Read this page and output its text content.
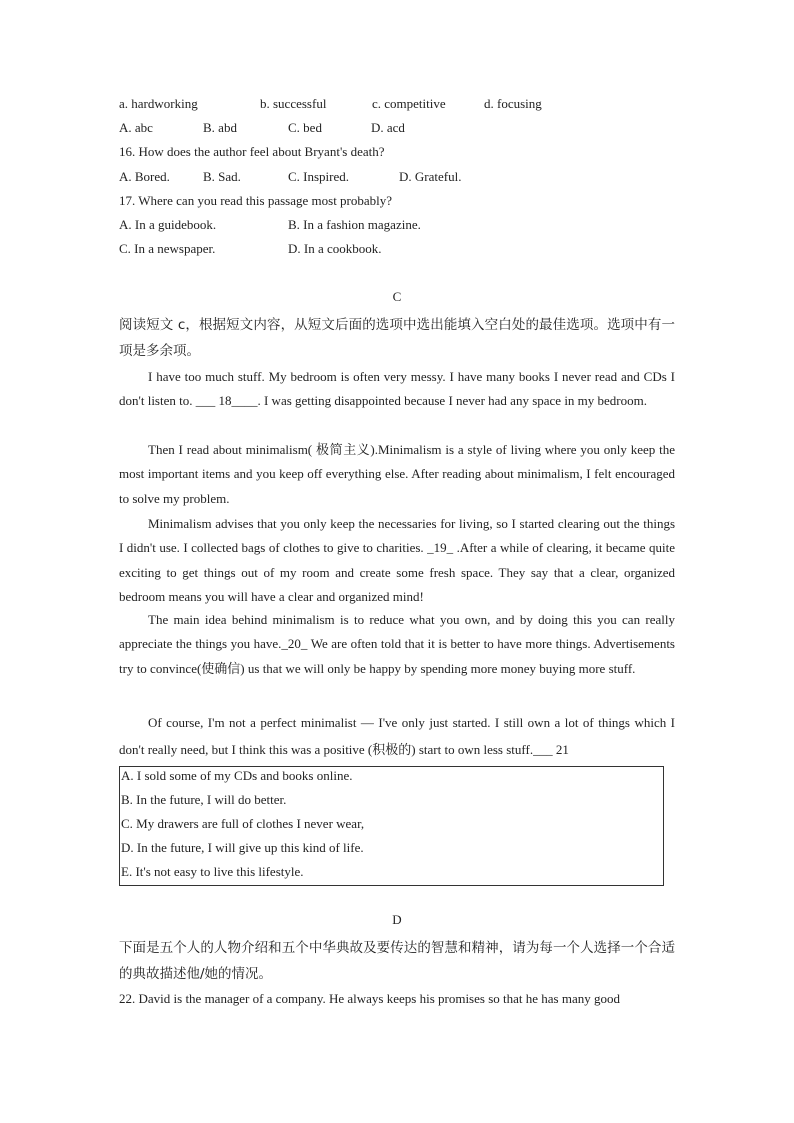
a. hardworking	b. successful	c. competitive	d. focusing
A. abc	B. abd	C. bed	D. acd
16. How does the author feel about Bryant's death?
A. Bored.	B. Sad.	C. Inspired.	D. Grateful.
17. Where can you read this passage most probably?
A. In a guidebook.	B. In a fashion magazine.
C. In a newspaper.	D. In a cookbook.
C
阅读短文 c，根据短文内容，从短文后面的选项中选出能填入空白处的最佳选项。选项中有一项是多余项。
I have too much stuff. My bedroom is often very messy. I have many books I never read and CDs I don't listen to. ___ 18____. I was getting disappointed because I never had any space in my bedroom.
Then I read about minimalism( 极简主义).Minimalism is a style of living where you only keep the most important items and you keep off everything else. After reading about minimalism, I felt encouraged to solve my problem.
Minimalism advises that you only keep the necessaries for living, so I started clearing out the things I didn't use. I collected bags of clothes to give to charities. _19_ .After a while of clearing, it became quite exciting to get things out of my room and create some fresh space. They say that a clear, organized bedroom means you will have a clear and organized mind!
The main idea behind minimalism is to reduce what you own, and by doing this you can really appreciate the things you have._20_ We are often told that it is better to have more things. Advertisements try to convince(使确信) us that we will only be happy by spending more money buying more stuff.
Of course, I'm not a perfect minimalist — I've only just started. I still own a lot of things which I don't really need, but I think this was a positive (积极的) start to own less stuff.___ 21
A. I sold some of my CDs and books online.
B. In the future, I will do better.
C. My drawers are full of clothes I never wear,
D. In the future, I will give up this kind of life.
E. It's not easy to live this lifestyle.
D
下面是五个人的人物介绍和五个中华典故及要传达的智慧和精神，请为每一个人选择一个合适的典故描述他/她的情况。
22. David is the manager of a company. He always keeps his promises so that he has many good
